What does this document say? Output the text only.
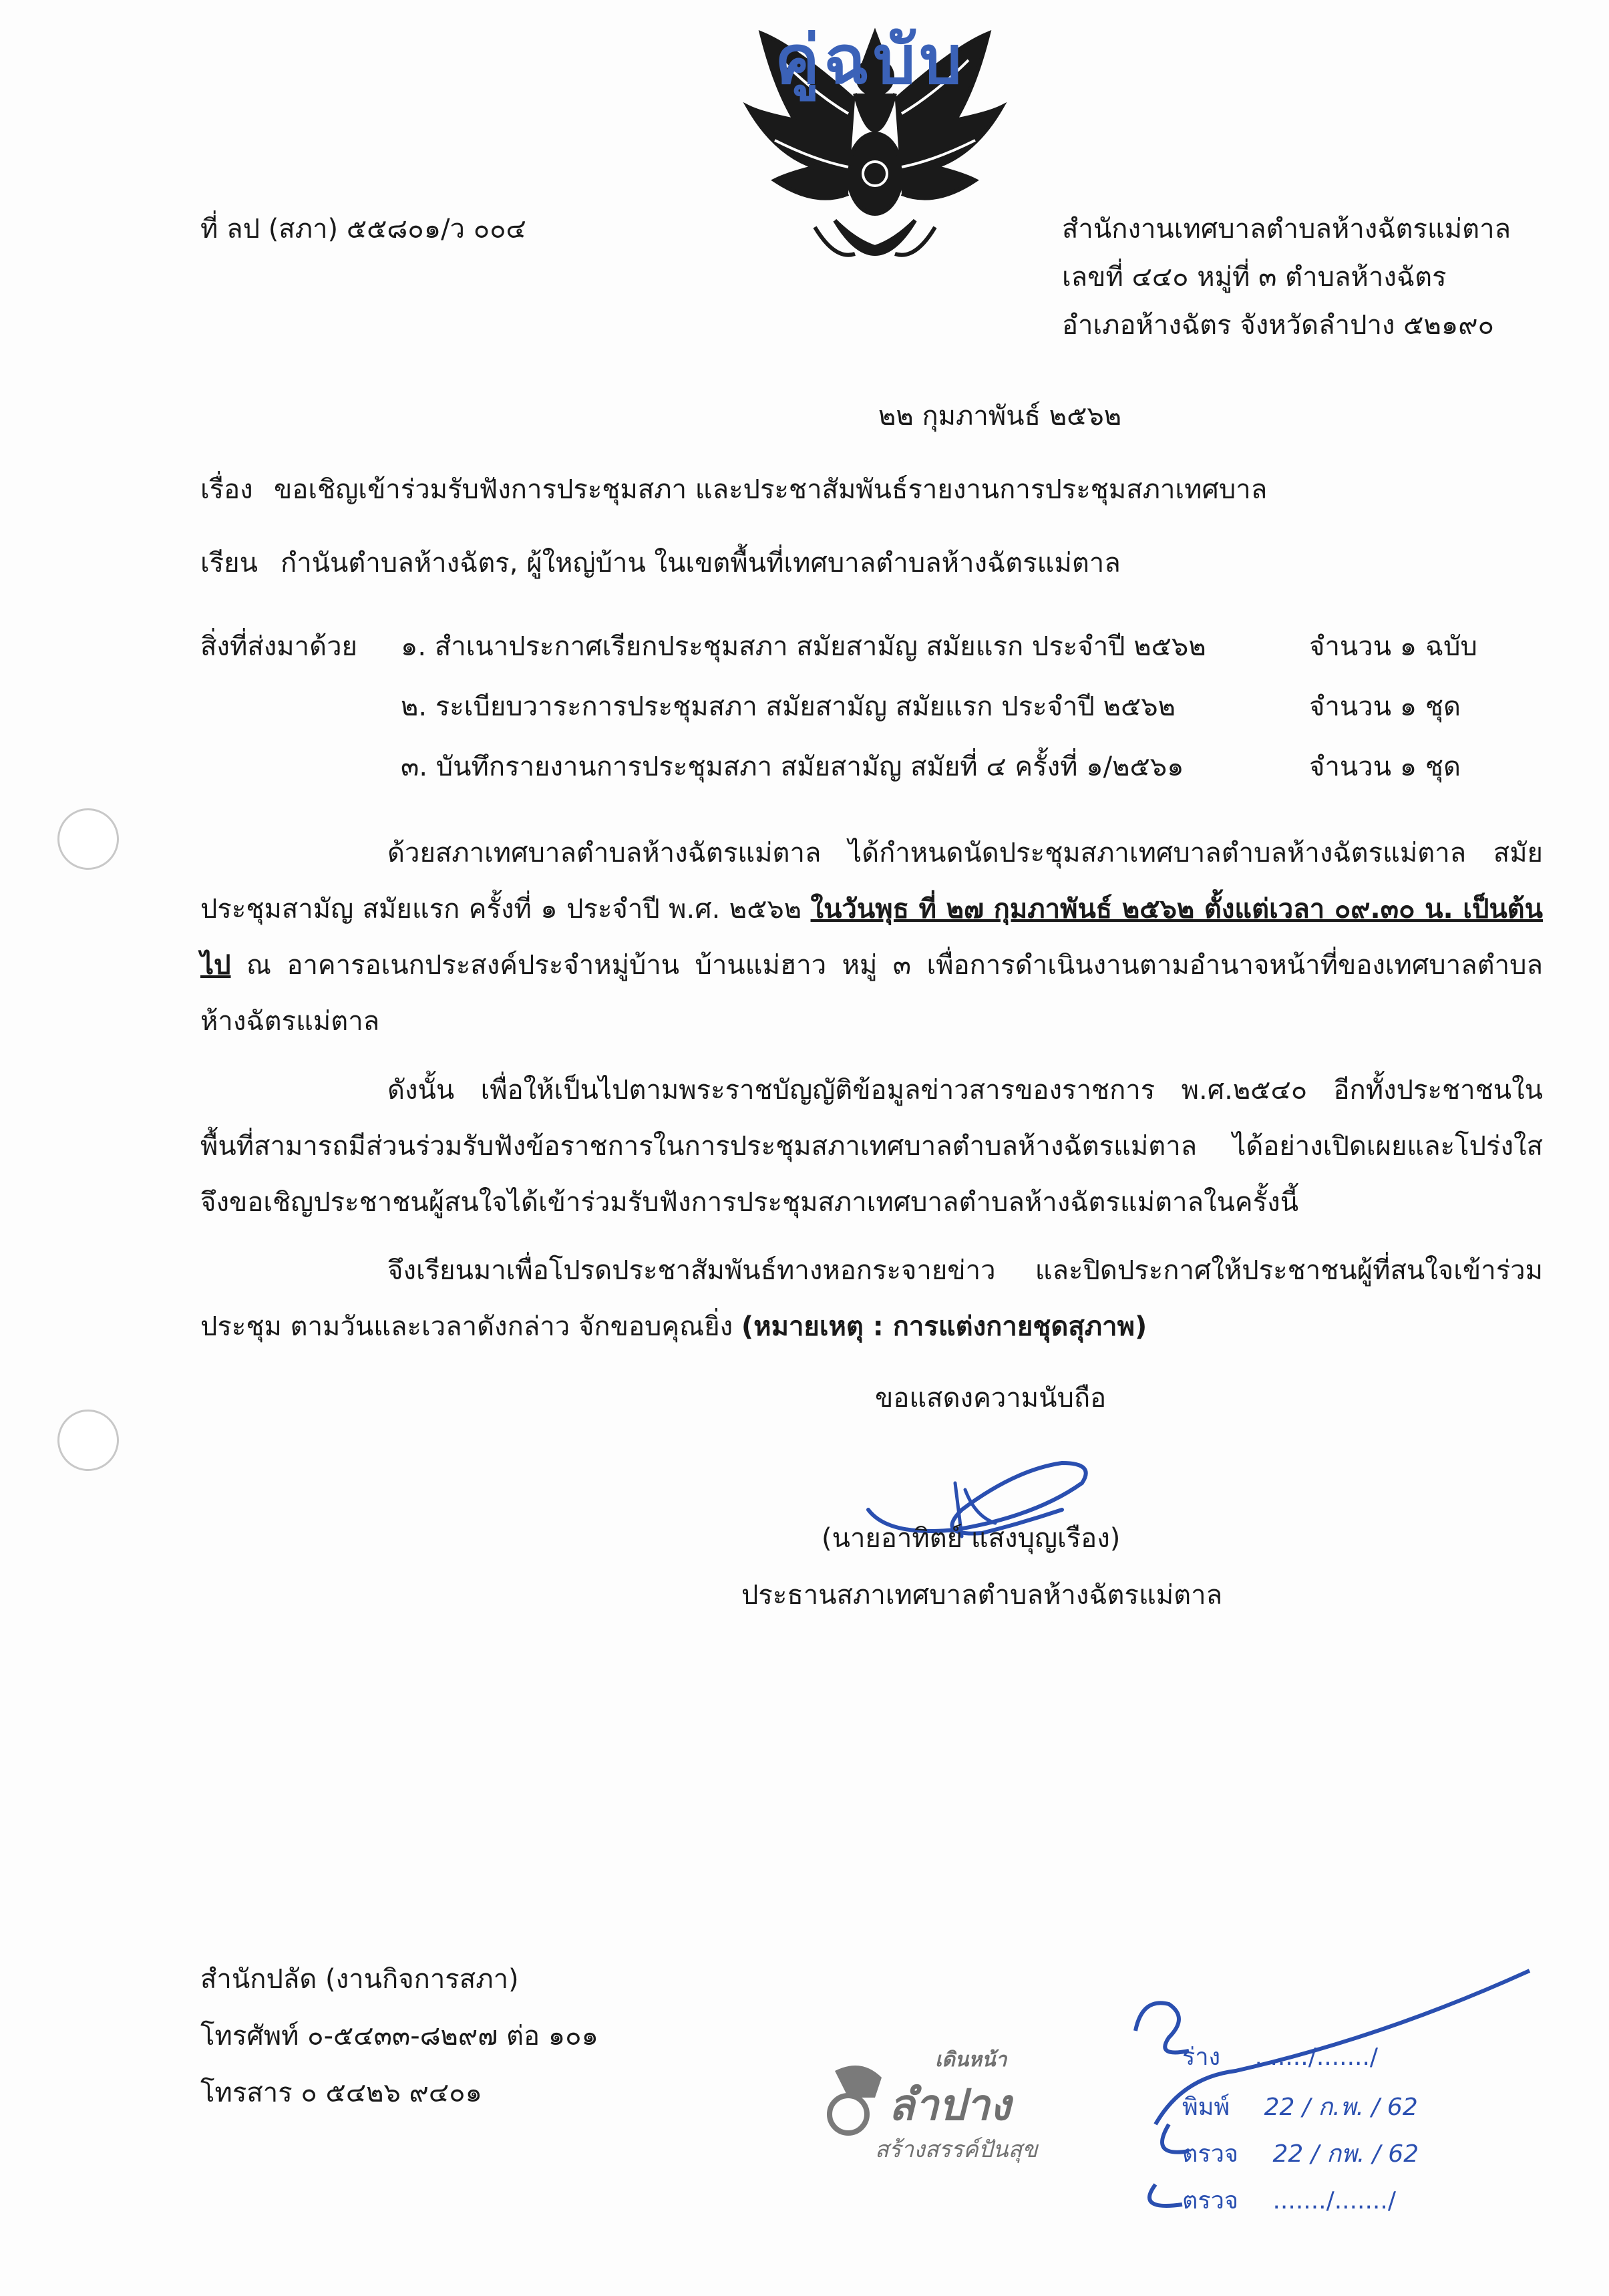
คู่ฉบับ
ที่ ลป (สภา) ๕๕๘๐๑/ว ๐๐๔	สำนักงานเทศบาลตำบลห้างฉัตรแม่ตาล
เลขที่ ๔๔๐ หมู่ที่ ๓ ตำบลห้างฉัตร
อำเภอห้างฉัตร จังหวัดลำปาง ๕๒๑๙๐
๒๒ กุมภาพันธ์ ๒๕๖๒
เรื่อง ขอเชิญเข้าร่วมรับฟังการประชุมสภา และประชาสัมพันธ์รายงานการประชุมสภาเทศบาล
เรียน กำนันตำบลห้างฉัตร, ผู้ใหญ่บ้าน ในเขตพื้นที่เทศบาลตำบลห้างฉัตรแม่ตาล
สิ่งที่ส่งมาด้วย ๑. สำเนาประกาศเรียกประชุมสภา สมัยสามัญ สมัยแรก ประจำปี ๒๕๖๒	จำนวน ๑ ฉบับ
๒. ระเบียบวาระการประชุมสภา สมัยสามัญ สมัยแรก ประจำปี ๒๕๖๒	จำนวน ๑ ชุด
๓. บันทึกรายงานการประชุมสภา สมัยสามัญ สมัยที่ ๔ ครั้งที่ ๑/๒๕๖๑	จำนวน ๑ ชุด
ด้วยสภาเทศบาลตำบลห้างฉัตรแม่ตาล ได้กำหนดนัดประชุมสภาเทศบาลตำบลห้างฉัตรแม่ตาล สมัยประชุมสามัญ สมัยแรก ครั้งที่ ๑ ประจำปี พ.ศ. ๒๕๖๒ ในวันพุธ ที่ ๒๗ กุมภาพันธ์ ๒๕๖๒ ตั้งแต่เวลา ๐๙.๓๐ น. เป็นต้นไป ณ อาคารอเนกประสงค์ประจำหมู่บ้าน บ้านแม่ฮาว หมู่ ๓ เพื่อการดำเนินงานตามอำนาจหน้าที่ของเทศบาลตำบลห้างฉัตรแม่ตาล
ดังนั้น เพื่อให้เป็นไปตามพระราชบัญญัติข้อมูลข่าวสารของราชการ พ.ศ.๒๕๔๐ อีกทั้งประชาชนในพื้นที่สามารถมีส่วนร่วมรับฟังข้อราชการในการประชุมสภาเทศบาลตำบลห้างฉัตรแม่ตาล ได้อย่างเปิดเผยและโปร่งใส จึงขอเชิญประชาชนผู้สนใจได้เข้าร่วมรับฟังการประชุมสภาเทศบาลตำบลห้างฉัตรแม่ตาลในครั้งนี้
จึงเรียนมาเพื่อโปรดประชาสัมพันธ์ทางหอกระจายข่าว และปิดประกาศให้ประชาชนผู้ที่สนใจเข้าร่วมประชุม ตามวันและเวลาดังกล่าว จักขอบคุณยิ่ง (หมายเหตุ : การแต่งกายชุดสุภาพ)
ขอแสดงความนับถือ
(นายอาทิตย์ แสงบุญเรือง)
ประธานสภาเทศบาลตำบลห้างฉัตรแม่ตาล
สำนักปลัด (งานกิจการสภา)
โทรศัพท์ ๐-๕๔๓๓-๘๒๙๗ ต่อ ๑๐๑
โทรสาร ๐ ๕๔๒๖ ๙๔๐๑
เดินหน้า
ลำปาง
สร้างสรรค์ปันสุข
ร่าง ......./......./
พิมพ์ 22 / ก.พ. / 62
ตรวจ 22 / กพ. / 62
ตรวจ ......./......./
